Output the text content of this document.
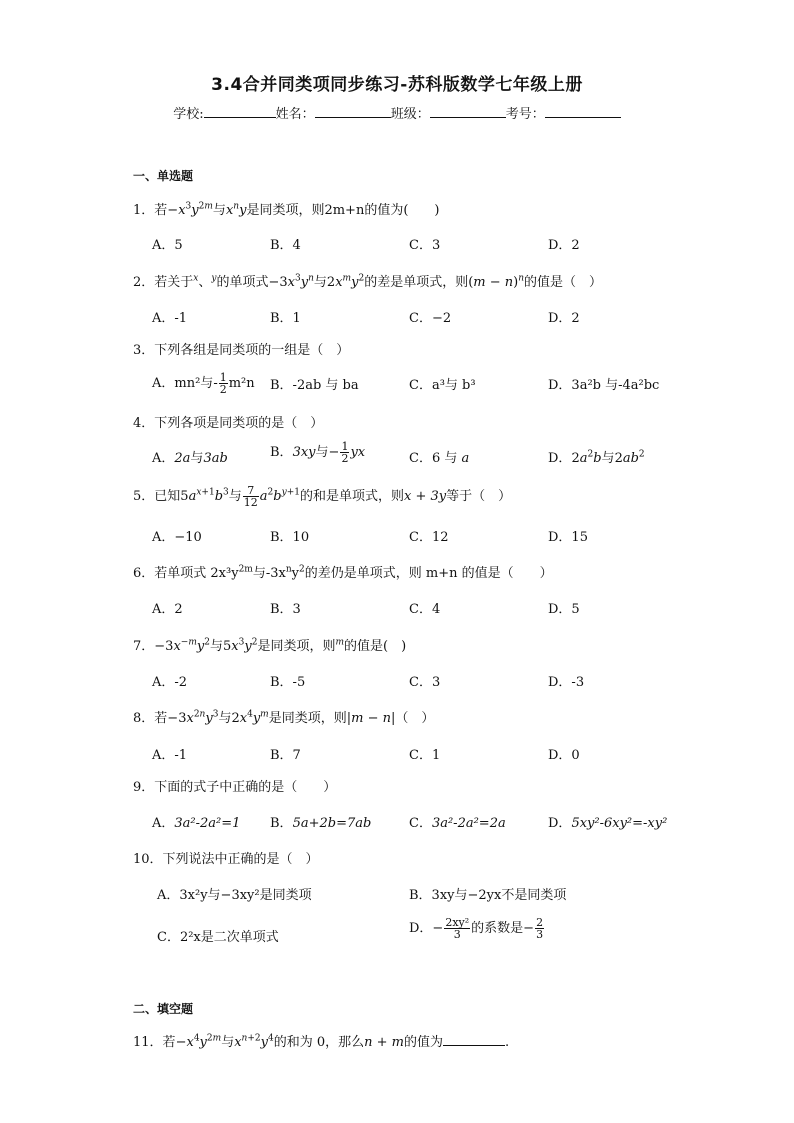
3.4合并同类项同步练习-苏科版数学七年级上册
学校:	姓名：	班级：	考号：
一、单选题
1．若$-x^3y^{2m}$与$x^ny$是同类项，则2m+n的值为(　　)
A．5	B．4	C．3	D．2
2．若关于$^x$、$^y$的单项式$-3x^3y^n$与$2x^my^2$的差是单项式，则$(m - n)^n$的值是（　）
A．-1	B．1	C．−2	D．2
3．下列各组是同类项的一组是（　）
A．mn²与- $\frac{1}{2} m^2n$ B．-2ab 与 ba	C．a³与 b³	D．3a²b 与-4a²bc
4．下列各项是同类项的是（　）
A．2a与3ab	B．3xy与− $\frac{1}{2}$ yx	C．6 与 a	D．$2a^2b$与$2ab^2$
5．已知$5a^{x+1}b^3$与 $\frac{7}{12} a^2b^{y+1}$的和是单项式，则x + 3y等于（　）
A．−10	B．10	C．12	D．15
6．若单项式 $2x^3y^{2m}$与$-3x^ny^2$的差仍是单项式，则 m+n 的值是（　　）
A．2	B．3	C．4	D．5
7．$-3x^{-m}y^2$与$5x^3y^2$是同类项，则$^m$的值是(　)
A．-2	B．-5	C．3	D．-3
8．若$-3x^{2n}y^3$与$2x^4y^m$是同类项，则|m − n|（　）
A．-1	B．7	C．1	D．0
9．下面的式子中正确的是（　　）
A．3a²-2a²=1 B．5a+2b=7ab	C．3a²-2a²=2a	D．5xy²-6xy²=-xy²
10．下列说法中正确的是（　）
A．3x²y与−3xy²是同类项	B．3xy与−2yx不是同类项
C．2²x是二次单项式
D．− $\frac{\text{2xy²}}{3}$ 的系数是− $\frac{2}{3}$
二、填空题
11．若$-x^4y^{2m}$与$x^{n+2}y^4$的和为 0，那么n + m的值为	.
